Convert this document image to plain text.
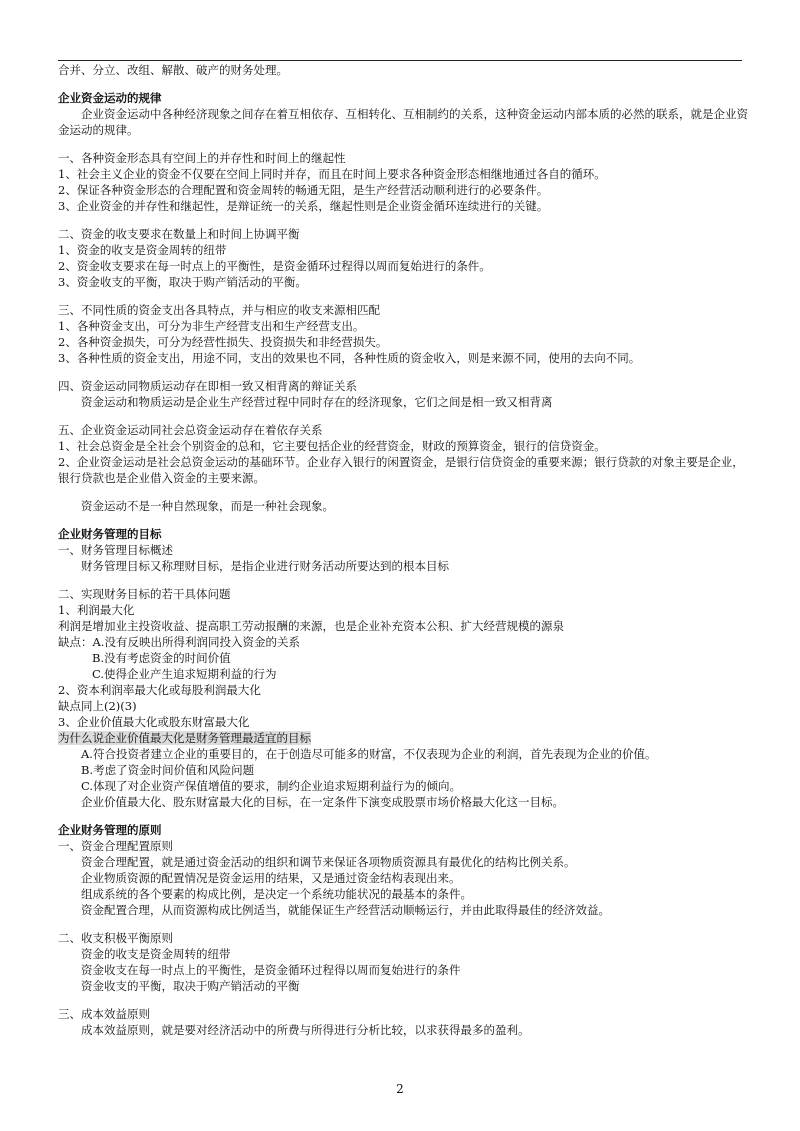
合并、分立、改组、解散、破产的财务处理。
企业资金运动的规律
企业资金运动中各种经济现象之间存在着互相依存、互相转化、互相制约的关系，这种资金运动内部本质的必然的联系，就是企业资金运动的规律。
一、各种资金形态具有空间上的并存性和时间上的继起性
1、社会主义企业的资金不仅要在空间上同时并存，而且在时间上要求各种资金形态相继地通过各自的循环。
2、保证各种资金形态的合理配置和资金周转的畅通无阻，是生产经营活动顺利进行的必要条件。
3、企业资金的并存性和继起性，是辩证统一的关系，继起性则是企业资金循环连续进行的关键。
二、资金的收支要求在数量上和时间上协调平衡
1、资金的收支是资金周转的纽带
2、资金收支要求在每一时点上的平衡性，是资金循环过程得以周而复始进行的条件。
3、资金收支的平衡，取决于购产销活动的平衡。
三、不同性质的资金支出各具特点，并与相应的收支来源相匹配
1、各种资金支出，可分为非生产经营支出和生产经营支出。
2、各种资金损失，可分为经营性损失、投资损失和非经营损失。
3、各种性质的资金支出，用途不同，支出的效果也不同，各种性质的资金收入，则是来源不同，使用的去向不同。
四、资金运动同物质运动存在即相一致又相背离的辩证关系
资金运动和物质运动是企业生产经营过程中同时存在的经济现象，它们之间是相一致又相背离
五、企业资金运动同社会总资金运动存在着依存关系
1、社会总资金是全社会个别资金的总和，它主要包括企业的经营资金，财政的预算资金，银行的信贷资金。
2、企业资金运动是社会总资金运动的基础环节。企业存入银行的闲置资金，是银行信贷资金的重要来源；银行贷款的对象主要是企业，银行贷款也是企业借入资金的主要来源。
资金运动不是一种自然现象，而是一种社会现象。
企业财务管理的目标
一、财务管理目标概述
财务管理目标又称理财目标，是指企业进行财务活动所要达到的根本目标
二、实现财务目标的若干具体问题
1、利润最大化
利润是增加业主投资收益、提高职工劳动报酬的来源，也是企业补充资本公积、扩大经营规模的源泉
缺点：A.没有反映出所得利润同投入资金的关系
B.没有考虑资金的时间价值
C.使得企业产生追求短期利益的行为
2、资本利润率最大化或每股利润最大化
缺点同上(2)(3)
3、企业价值最大化或股东财富最大化
为什么说企业价值最大化是财务管理最适宜的目标
A.符合投资者建立企业的重要目的，在于创造尽可能多的财富，不仅表现为企业的利润，首先表现为企业的价值。
B.考虑了资金时间价值和风险问题
C.体现了对企业资产保值增值的要求，制约企业追求短期利益行为的倾向。
企业价值最大化、股东财富最大化的目标，在一定条件下演变成股票市场价格最大化这一目标。
企业财务管理的原则
一、资金合理配置原则
资金合理配置，就是通过资金活动的组织和调节来保证各项物质资源具有最优化的结构比例关系。
企业物质资源的配置情况是资金运用的结果，又是通过资金结构表现出来。
组成系统的各个要素的构成比例，是决定一个系统功能状况的最基本的条件。
资金配置合理，从而资源构成比例适当，就能保证生产经营活动顺畅运行，并由此取得最佳的经济效益。
二、收支积极平衡原则
资金的收支是资金周转的纽带
资金收支在每一时点上的平衡性，是资金循环过程得以周而复始进行的条件
资金收支的平衡，取决于购产销活动的平衡
三、成本效益原则
成本效益原则，就是要对经济活动中的所费与所得进行分析比较，以求获得最多的盈利。
2
